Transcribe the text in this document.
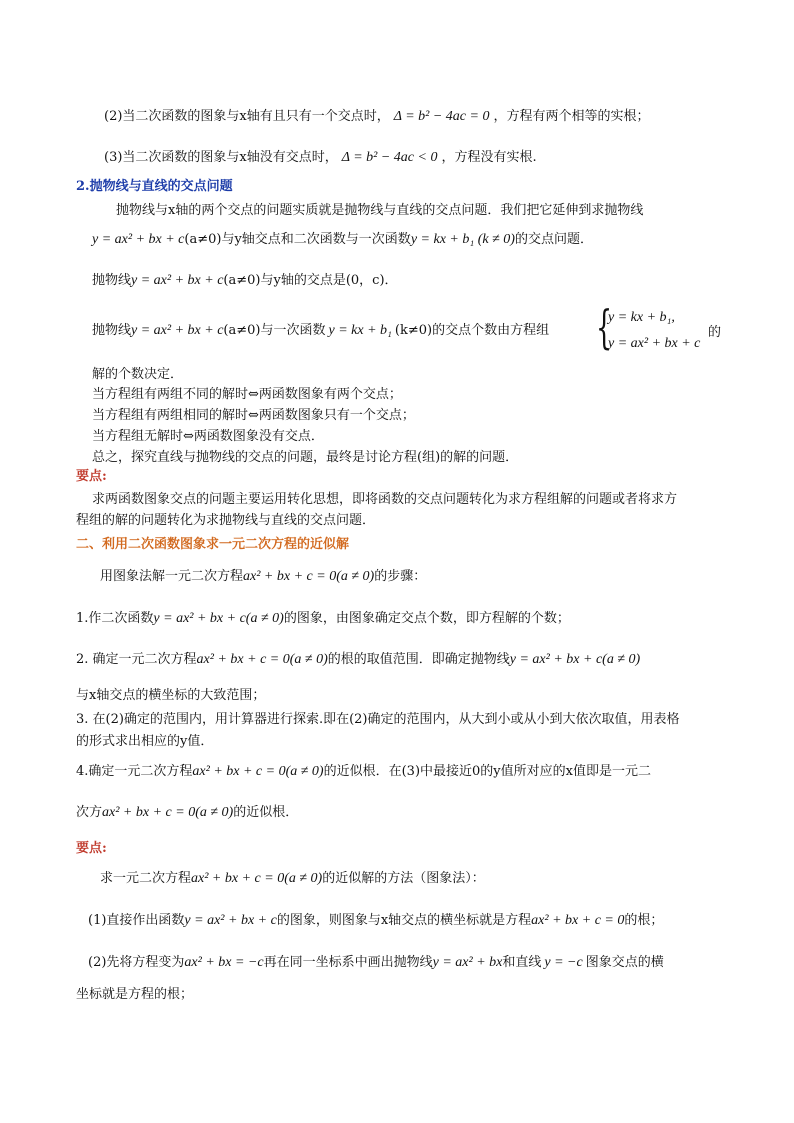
(2)当二次函数的图象与x轴有且只有一个交点时， Δ = b² − 4ac = 0 ，方程有两个相等的实根；
(3)当二次函数的图象与x轴没有交点时， Δ = b² − 4ac < 0 ，方程没有实根.
2.抛物线与直线的交点问题
抛物线与x轴的两个交点的问题实质就是抛物线与直线的交点问题．我们把它延伸到求抛物线
y = ax² + bx + c(a≠0)与y轴交点和二次函数与一次函数y = kx + b₁ (k ≠ 0)的交点问题．
抛物线y = ax² + bx + c(a≠0)与y轴的交点是(0，c)．
抛物线y = ax² + bx + c(a≠0)与一次函数 y = kx + b₁ (k≠0)的交点个数由方程组 {
y = kx + b₁,
y = ax² + bx + c
的
解的个数决定．
当方程组有两组不同的解时⇔两函数图象有两个交点；
当方程组有两组相同的解时⇔两函数图象只有一个交点；
当方程组无解时⇔两函数图象没有交点．
总之，探究直线与抛物线的交点的问题，最终是讨论方程(组)的解的问题．
要点:
求两函数图象交点的问题主要运用转化思想，即将函数的交点问题转化为求方程组解的问题或者将求方
程组的解的问题转化为求抛物线与直线的交点问题．
二、利用二次函数图象求一元二次方程的近似解
用图象法解一元二次方程ax² + bx + c = 0(a ≠ 0)的步骤：
1.作二次函数y = ax² + bx + c(a ≠ 0)的图象，由图象确定交点个数，即方程解的个数；
2. 确定一元二次方程ax² + bx + c = 0(a ≠ 0)的根的取值范围．即确定抛物线y = ax² + bx + c(a ≠ 0)
与x轴交点的横坐标的大致范围；
3. 在(2)确定的范围内，用计算器进行探索.即在(2)确定的范围内，从大到小或从小到大依次取值，用表格
的形式求出相应的y值．
4.确定一元二次方程ax² + bx + c = 0(a ≠ 0)的近似根．在(3)中最接近0的y值所对应的x值即是一元二
次方ax² + bx + c = 0(a ≠ 0)的近似根．
要点:
求一元二次方程ax² + bx + c = 0(a ≠ 0)的近似解的方法（图象法）：
(1)直接作出函数y = ax² + bx + c的图象，则图象与x轴交点的横坐标就是方程ax² + bx + c = 0的根；
(2)先将方程变为ax² + bx = −c再在同一坐标系中画出抛物线y = ax² + bx和直线 y = −c 图象交点的横
坐标就是方程的根；
